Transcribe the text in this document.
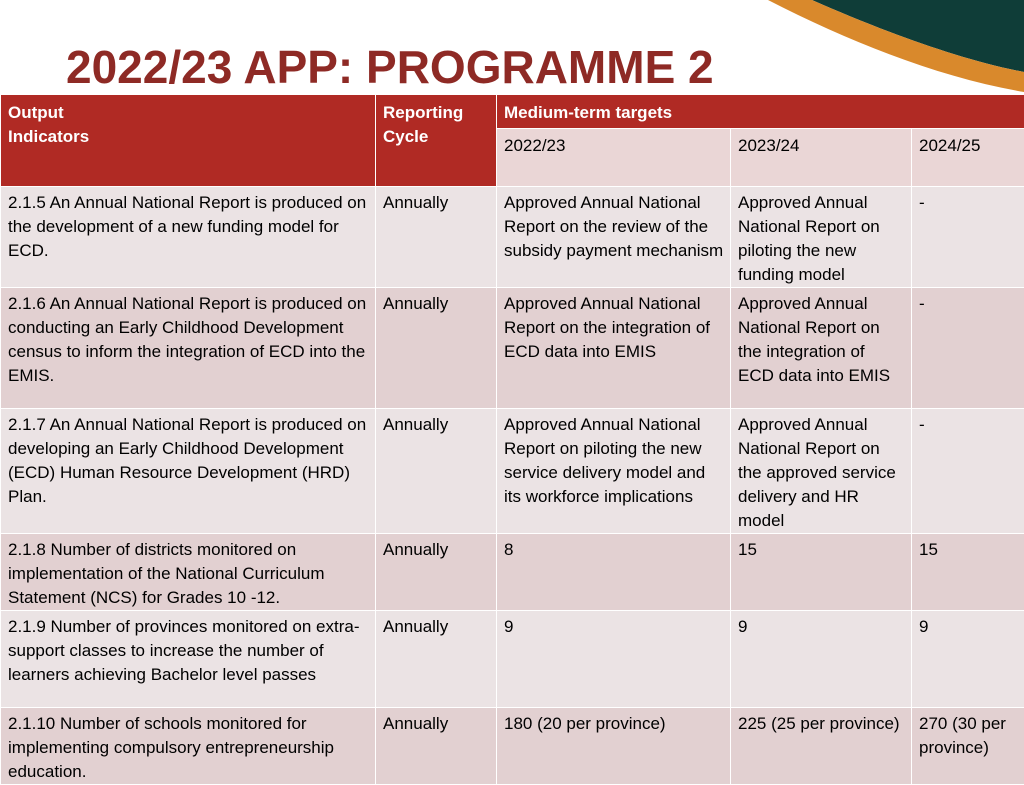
2022/23 APP: PROGRAMME 2
Output Indicators	Reporting Cycle	Medium-term targets		
		2022/23	2023/24	2024/25
2.1.5 An Annual National Report is produced on the development of a new funding model for ECD.	Annually	Approved Annual National Report on the review of the subsidy payment mechanism	Approved Annual National Report on piloting the new funding model	-
2.1.6 An Annual National Report is produced on conducting an Early Childhood Development census to inform the integration of ECD into the EMIS.	Annually	Approved Annual National Report on the integration of ECD data into EMIS	Approved Annual National Report on the integration of ECD data into EMIS	-
2.1.7 An Annual National Report is produced on developing an Early Childhood Development (ECD) Human Resource Development (HRD) Plan.	Annually	Approved Annual National Report on piloting the new service delivery model and its workforce implications	Approved Annual National Report on the approved service delivery and HR model	-
2.1.8 Number of districts monitored on implementation of the National Curriculum Statement (NCS) for Grades 10 -12.	Annually	8	15	15
2.1.9 Number of provinces monitored on extra-support classes to increase the number of learners achieving Bachelor level passes	Annually	9	9	9
2.1.10 Number of schools monitored for implementing compulsory entrepreneurship education.	Annually	180 (20 per province)	225 (25 per province)	270 (30 per province)
